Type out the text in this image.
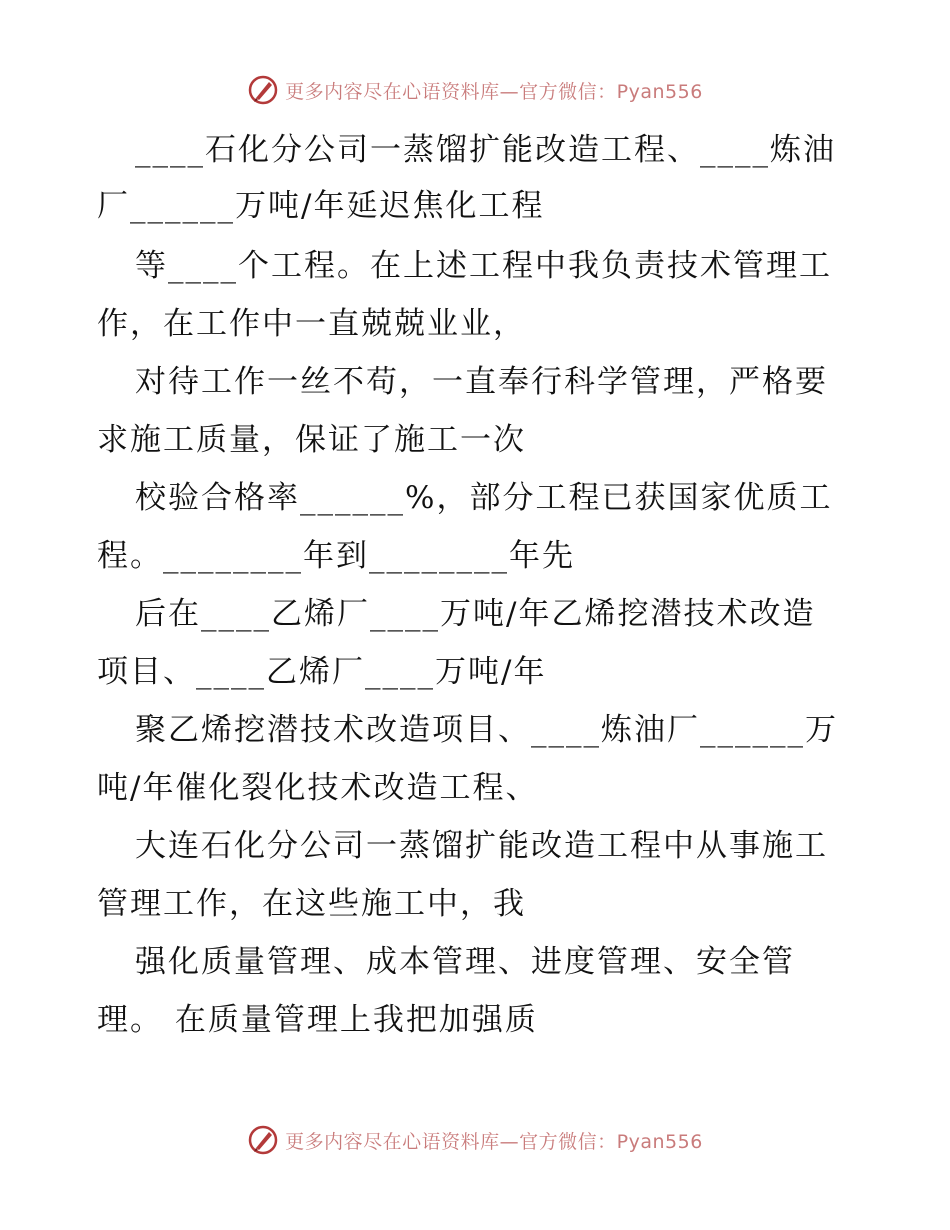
更多内容尽在心语资料库—官方微信：Pyan556
____石化分公司一蒸馏扩能改造工程、____炼油
厂______万吨/年延迟焦化工程
等____个工程。在上述工程中我负责技术管理工
作，在工作中一直兢兢业业，
对待工作一丝不苟，一直奉行科学管理，严格要
求施工质量，保证了施工一次
校验合格率______%，部分工程已获国家优质工
程。________年到________年先
后在____乙烯厂____万吨/年乙烯挖潜技术改造
项目、____乙烯厂____万吨/年
聚乙烯挖潜技术改造项目、____炼油厂______万
吨/年催化裂化技术改造工程、
大连石化分公司一蒸馏扩能改造工程中从事施工
管理工作，在这些施工中，我
强化质量管理、成本管理、进度管理、安全管
理。 在质量管理上我把加强质
更多内容尽在心语资料库—官方微信：Pyan556
